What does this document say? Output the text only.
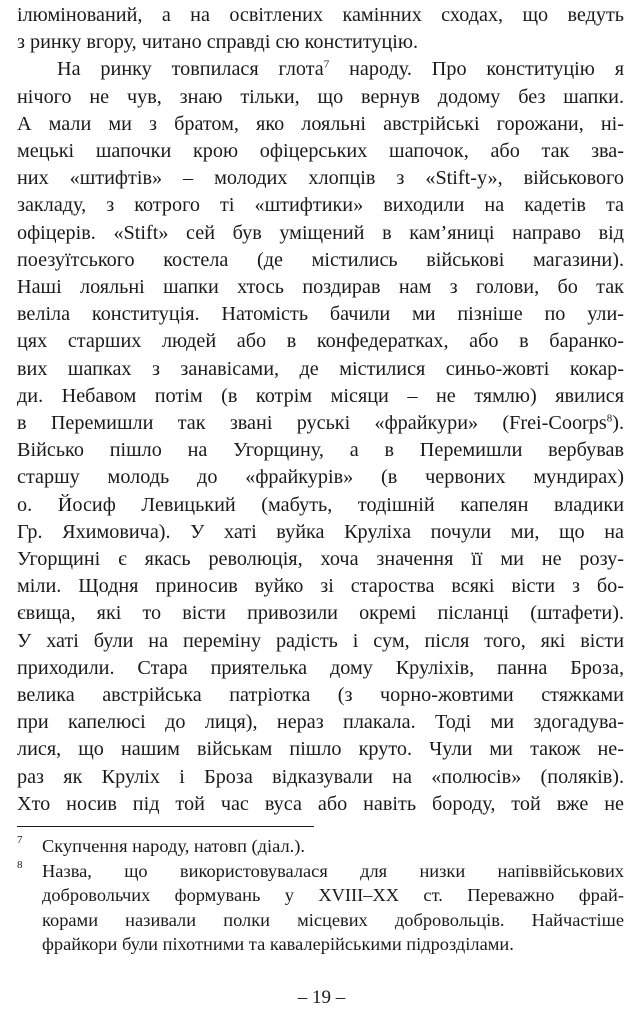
ілюмінований, а на освітлених камінних сходах, що ведуть
з ринку вгору, читано справді сю конституцію.
На ринку товпилася глота$^7$ народу. Про конституцію я
нічого не чув, знаю тільки, що вернув додому без шапки.
А мали ми з братом, яко лояльні австрійські горожани, ні-
мецькі шапочки крою офіцерських шапочок, або так зва-
них «штифтів» – молодих хлопців з «Stift-у», військового
закладу, з котрого ті «штифтики» виходили на кадетів та
офіцерів. «Stift» сей був уміщений в кам’яниці направо від
поезуїтського костела (де містились військові магазини).
Наші лояльні шапки хтось поздирав нам з голови, бо так
веліла конституція. Натомість бачили ми пізніше по ули-
цях старших людей або в конфедератках, або в баранко-
вих шапках з занавісами, де містилися синьо-жовті кокар-
ди. Небавом потім (в котрім місяци – не тямлю) явилися
в Перемишли так звані руські «фрайкури» (Frei-Coorps$^8$).
Військо пішло на Угорщину, а в Перемишли вербував
старшу молодь до «фрайкурів» (в червоних мундирах)
о. Йосиф Левицький (мабуть, тодішній капелян владики
Гр. Яхимовича). У хаті вуйка Круліха почули ми, що на
Угорщині є якась революція, хоча значення її ми не розу-
міли. Щодня приносив вуйко зі староства всякі вісти з бо-
євища, які то вісти привозили окремі післанці (штафети).
У хаті були на переміну радість і сум, після того, які вісти
приходили. Стара приятелька дому Круліхів, панна Броза,
велика австрійська патріотка (з чорно-жовтими стяжками
при капелюсі до лиця), нераз плакала. Тоді ми здогадува-
лися, що нашим військам пішло круто. Чули ми також не-
раз як Круліх і Броза відказували на «полюсів» (поляків).
Хто носив під той час вуса або навіть бороду, той вже не
7 Скупчення народу, натовп (діал.).
8 Назва, що використовувалася для низки напіввійськових
добровольчих формувань у XVIII–XX ст. Переважно фрай-
корами називали полки місцевих добровольців. Найчастіше
фрайкори були піхотними та кавалерійськими підрозділами.
– 19 –
